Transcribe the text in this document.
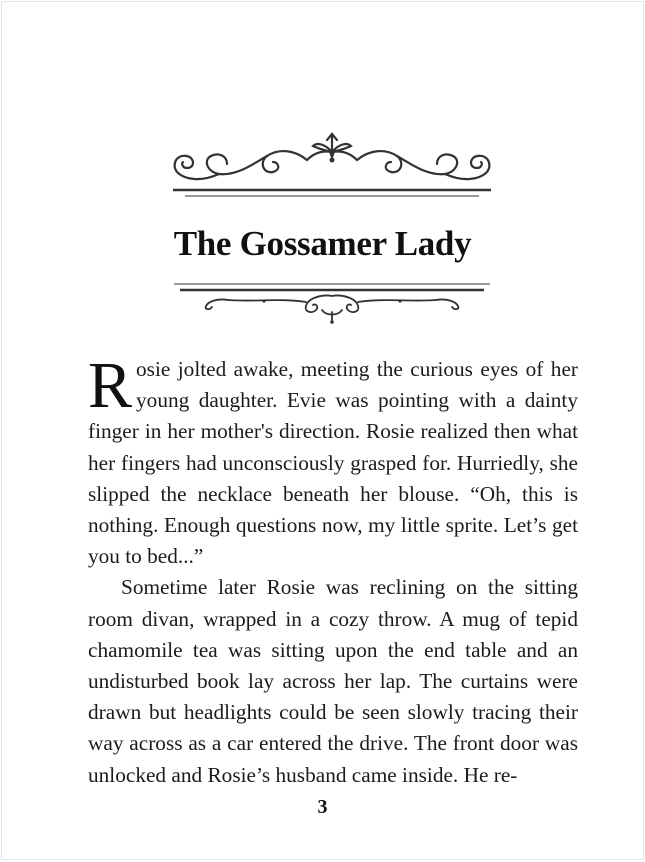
The Gossamer Lady

Rosie jolted awake, meeting the curious eyes of her young daughter. Evie was pointing with a dainty finger in her mother's direction. Rosie realized then what her fingers had unconsciously grasped for. Hurriedly, she slipped the necklace beneath her blouse. “Oh, this is nothing. Enough questions now, my little sprite. Let’s get you to bed...”

Sometime later Rosie was reclining on the sitting room divan, wrapped in a cozy throw. A mug of tepid chamomile tea was sitting upon the end table and an undisturbed book lay across her lap. The curtains were drawn but headlights could be seen slowly tracing their way across as a car entered the drive. The front door was unlocked and Rosie’s husband came inside. He re-

3
